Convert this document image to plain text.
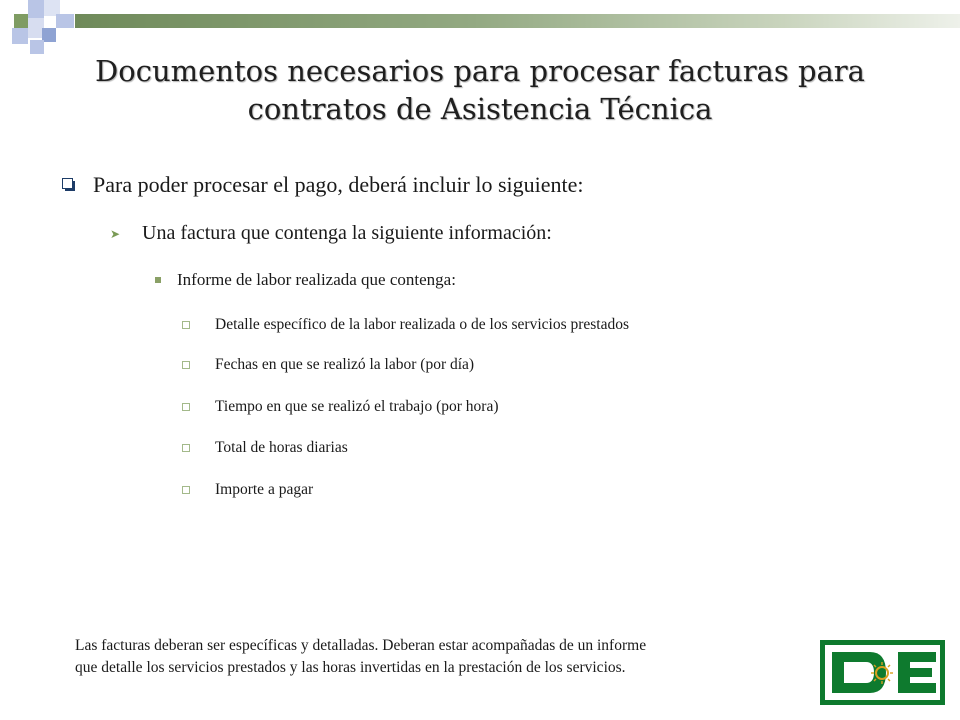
Documentos necesarios para procesar facturas para
contratos de Asistencia Técnica
Para poder procesar el pago, deberá incluir lo siguiente:
➤ Una factura que contenga la siguiente información:
Informe de labor realizada que contenga:
Detalle específico de la labor realizada o de los servicios prestados
Fechas en que se realizó la labor (por día)
Tiempo en que se realizó el trabajo (por hora)
Total de horas diarias
Importe a pagar
Las facturas deberan ser específicas y detalladas. Deberan estar acompañadas de un informe
que detalle los servicios prestados y las horas invertidas en la prestación de los servicios.
